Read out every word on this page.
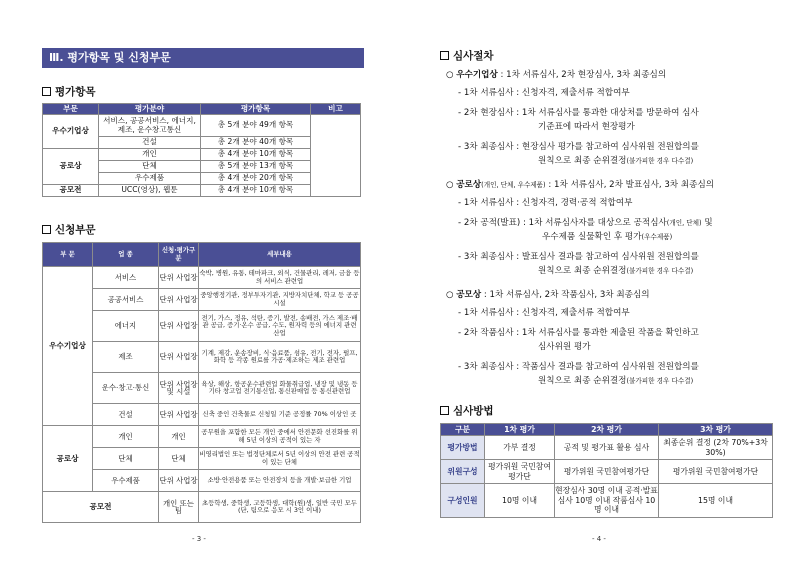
Ⅲ. 평가항목 및 신청부문
평가항목
부문	평가분야	평가항목	비고
우수기업상	서비스, 공공서비스, 에너지, 제조, 운수창고통신	총 5개 분야 49개 항목	
	건설	총 2개 분야 40개 항목	
공로상	개인	총 4개 분야 10개 항목	
	단체	총 5개 분야 13개 항목	
	우수제품	총 4개 분야 20개 항목	
공모전	UCC(영상), 웹툰	총 4개 분야 10개 항목	
신청부문
부 문	업 종	신청·평가구분	세부내용
우수기업상	서비스	단위 사업장	숙박, 병원, 유통, 테마파크, 외식, 건물관리, 레저, 금융 등의 서비스 관련업
	공공서비스	단위 사업장	중앙행정기관, 정부투자기관, 지방자치단체, 학교 등 공공시설
	에너지	단위 사업장	전기, 가스, 정유, 석탄, 증기, 발전, 송배전, 가스 제조·배관 공급, 증기·온수 공급, 수도, 원자력 등의 에너지 관련 산업
	제조	단위 사업장	기계, 제강, 운송장비, 식·음료품, 섬유, 전기, 전자, 펄프, 화학 등 각종 원료를 가공·제조하는 제조 관련업
	운수·창고·통신	단위 사업장 및 시설	육상, 해상, 항공운수관련업 화물취급업, 냉장 및 냉동 등 기타 창고업 전기통신업, 통신판매업 등 통신관련업
	건설	단위 사업장	신축 중인 건축물로 신청일 기준 공정률 70% 이상인 곳
공로상	개인	개인	공무원을 포함한 모든 개인 중에서 안전문화 선진화를 위해 5년 이상의 공적이 있는 자
	단체	단체	비영리법인 또는 법정단체로서 5년 이상의 안전 관련 공적이 있는 단체
	우수제품	단위 사업장	소방·안전용품 또는 안전장치 등을 개발·보급한 기업
공모전		개인 또는 팀	초등학생, 중학생, 고등학생, 대학(원)생, 일반 국민 모두 (단, 팀으로 응모 시 3인 이내)
- 3 -
심사절차
○ 우수기업상 : 1차 서류심사, 2차 현장심사, 3차 최종심의
- 1차 서류심사 : 신청자격, 제출서류 적합여부
- 2차 현장심사 : 1차 서류심사를 통과한 대상처를 방문하여 심사
기준표에 따라서 현장평가
- 3차 최종심사 : 현장심사 평가를 참고하여 심사위원 전원합의를
원칙으로 최종 순위결정(불가피한 경우 다수결)
○ 공로상(개인, 단체, 우수제품) : 1차 서류심사, 2차 발표심사, 3차 최종심의
- 1차 서류심사 : 신청자격, 경력·공적 적합여부
- 2차 공적(발표) : 1차 서류심사자를 대상으로 공적심사(개인, 단체) 및
우수제품 실물확인 후 평가(우수제품)
- 3차 최종심사 : 발표심사 결과를 참고하여 심사위원 전원합의를
원칙으로 최종 순위결정(불가피한 경우 다수결)
○ 공모상 : 1차 서류심사, 2차 작품심사, 3차 최종심의
- 1차 서류심사 : 신청자격, 제출서류 적합여부
- 2차 작품심사 : 1차 서류심사를 통과한 제출된 작품을 확인하고
심사위원 평가
- 3차 최종심사 : 작품심사 결과를 참고하여 심사위원 전원합의를
원칙으로 최종 순위결정(불가피한 경우 다수결)
심사방법
구분	1차 평가	2차 평가	3차 평가
평가방법	가부 결정	공적 및 평가표 활용 심사	최종순위 결정 (2차 70%+3차 30%)
위원구성	평가위원 국민참여평가단	평가위원 국민참여평가단	평가위원 국민참여평가단
구성인원	10명 이내	현장심사 30명 이내 공적·발표심사 10명 이내 작품심사 10명 이내	15명 이내
- 4 -
